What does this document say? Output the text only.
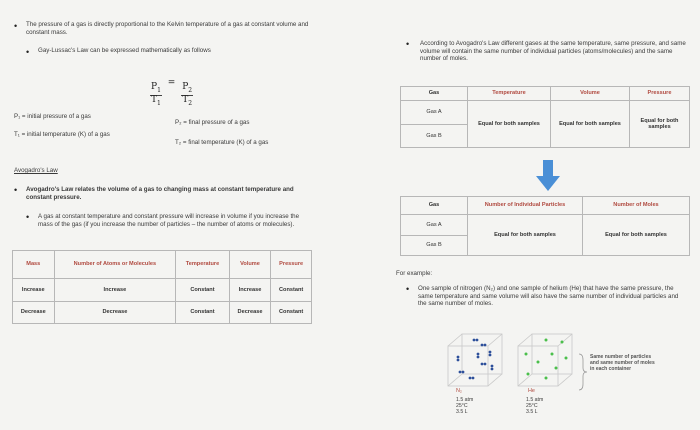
• The pressure of a gas is directly proportional to the Kelvin temperature of a gas at constant volume and constant mass.
• Gay-Lussac's Law can be expressed mathematically as follows
$\frac{P_1}{T_1} = \frac{P_2}{T_2}$
P₁ = initial pressure of a gas
T₁ = initial temperature (K) of a gas
P₂ = final pressure of a gas
T₂ = final temperature (K) of a gas
Avogadro's Law
• Avogadro's Law relates the volume of a gas to changing mass at constant temperature and constant pressure.
• A gas at constant temperature and constant pressure will increase in volume if you increase the mass of the gas (if you increase the number of particles – the number of atoms or molecules).
Mass	Number of Atoms or Molecules	Temperature	Volume	Pressure
Increase	Increase	Constant	Increase	Constant
Decrease	Decrease	Constant	Decrease	Constant
• According to Avogadro's Law different gases at the same temperature, same pressure, and same volume will contain the same number of individual particles (atoms/molecules) and the same number of moles.
Gas	Temperature	Volume	Pressure
Gas A	Equal for both samples	Equal for both samples	Equal for both samples
Gas B			
Gas	Number of Individual Particles	Number of Moles
Gas A	Equal for both samples	Equal for both samples
Gas B		
For example:
• One sample of nitrogen (N₂) and one sample of helium (He) that have the same pressure, the same temperature and same volume will also have the same number of individual particles and the same number of moles.
N₂
1.5 atm
25°C
3.5 L
He
1.5 atm
25°C
3.5 L
Same number of particles and same number of moles in each container
